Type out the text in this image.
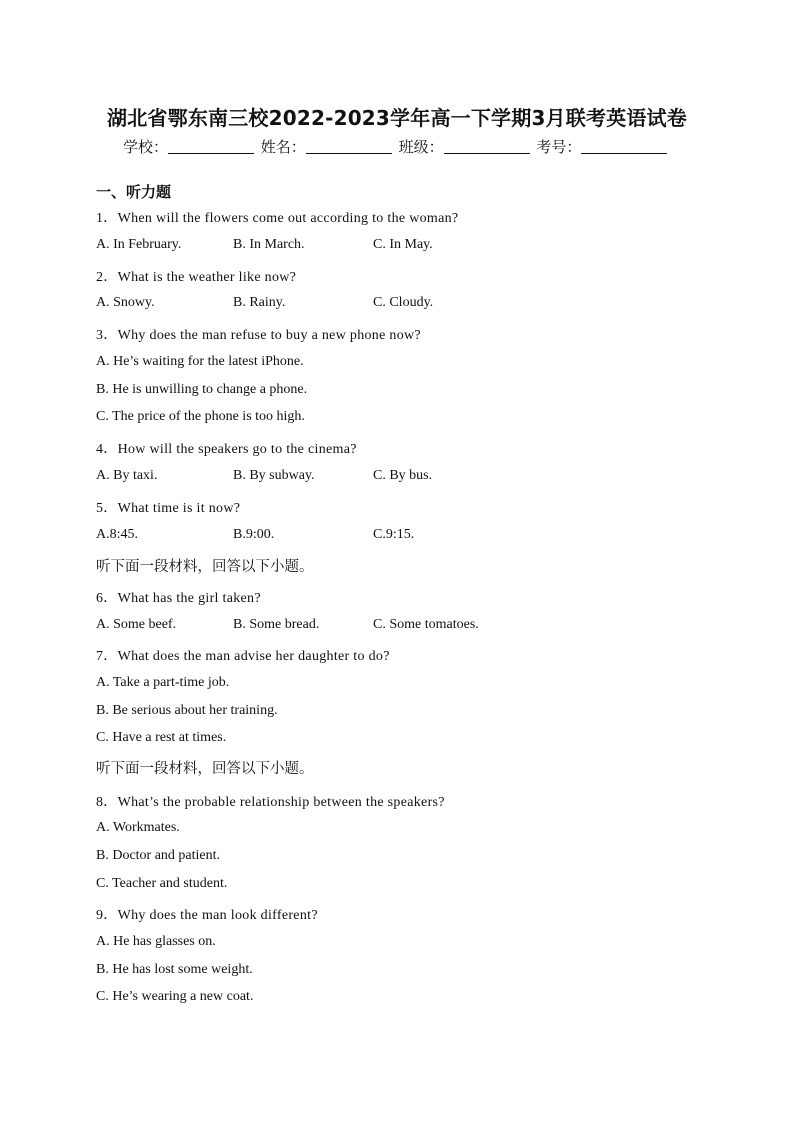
湖北省鄂东南三校2022-2023学年高一下学期3月联考英语试卷
学校：	姓名：	班级：	考号：
一、听力题
1．When will the flowers come out according to the woman?
A. In February.	B. In March.	C. In May.
2．What is the weather like now?
A. Snowy.	B. Rainy.	C. Cloudy.
3．Why does the man refuse to buy a new phone now?
A. He’s waiting for the latest iPhone.
B. He is unwilling to change a phone.
C. The price of the phone is too high.
4．How will the speakers go to the cinema?
A. By taxi.	B. By subway.	C. By bus.
5．What time is it now?
A.8:45.	B.9:00.	C.9:15.
听下面一段材料，回答以下小题。
6．What has the girl taken?
A. Some beef.	B. Some bread.	C. Some tomatoes.
7．What does the man advise her daughter to do?
A. Take a part-time job.
B. Be serious about her training.
C. Have a rest at times.
听下面一段材料，回答以下小题。
8．What’s the probable relationship between the speakers?
A. Workmates.
B. Doctor and patient.
C. Teacher and student.
9．Why does the man look different?
A. He has glasses on.
B. He has lost some weight.
C. He’s wearing a new coat.
